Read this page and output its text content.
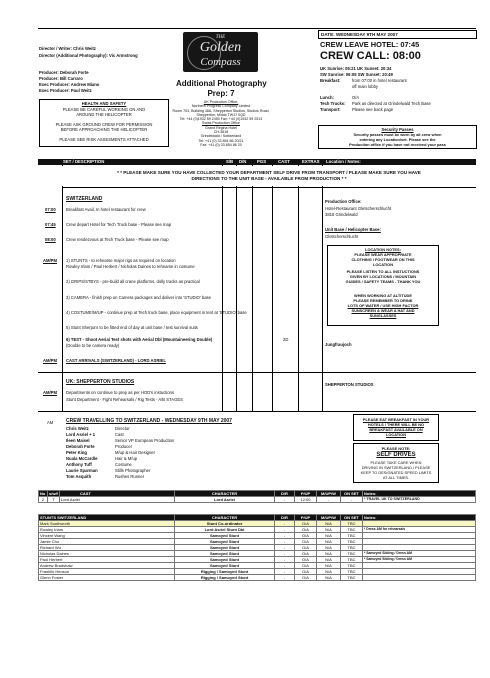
Director / Writer: Chris Weitz
Director (Additional Photography): Vic Armstrong
Producer: Deborah Forte
Producer: Bill Carraro
Exec Producer: Andrew Miano
Exec Producer: Paul Weitz
HEALTH AND SAFETY
PLEASE BE CAREFUL WORKING ON AND
AROUND THE HELICOPTER
PLEASE ASK GROUND CREW FOR PERMISSION
BEFORE APPROACHING THE HELICOPTER
PLEASE SEE RISK ASSESMENTS ATTACHED
THE
Golden
Compass
Additional Photography
Prep: 7
UK Production Office,
Northern Progress Company Limited
Room 703, Building 38A, Shepperton Studios, Studios Road,
Shepperton, Middx TW17 0QD
Tel: +44 (0)1932 59 2450 Fax: +44 (0)1932 59 2513
Swiss Production Office
Grand Regina Hotel
CH-3818
Grindelwald / Switzerland
Tel: +41 (0) 33 854 86 20/21
Fax: +41 (0) 33 854 86 20
DATE: WEDNESDAY 9TH MAY 2007
CREW LEAVE HOTEL: 07:45
CREW CALL: 08:00
UK Sunrise: 05:21 UK Sunset: 20:34
SW Sunrise: 06:05 SW Sunset: 20:49
Breakfast:	from 07:00 in hotel restaurant
off main lobby
Lunch:	O/A
Tech Trucks: Park as directed at Grindelwald Tech Base
Transport:	Please see back page
Security Passes
Security passes must be worn by all crew when
entering any Location/set. Please see the
Production office if you have not received your pass
SET / DESCRIPTION	S/B D/N PGS	CAST	EXTRAS Location / Notes:
* * PLEASE MAKE SURE YOU HAVE COLLECTED YOUR DEPARTMENT SELF DRIVE FROM TRANSPORT / PLEASE MAKE SURE YOU HAVE
DIRECTIONS TO THE UNIT BASE - AVAILABLE FROM PRODUCTION * *
SWITZERLAND
07:00 Breakfast Avail. In hotel restaurant for crew
07:45 Crew depart Hotel for Tech Truck base - Please see map
08:00 Crew rendezvous at Tech Truck base - Please see map
AM/PM 1) STUNTS - to rehearse major rigs as required on location
Rowley Irlam / Paul Herbert / Nicholas Daines to rehearse in costume
2) GRIPS/STBYS - pre-build all crane platforms, dolly tracks as practical
3) CAMERA - finish prep on Camera packages and deliver into 'STUDIO' base
4) COSTUME/M/UP - continue prep at Tech truck base, place equipment in tent at 'STUDIO' base
5) Stunt Sherpa's to be fitted end of day at unit base / test survival suits
6) TEST - Shoot Aerial Test shots with Aerial Dbl (Mountaineering Double)
(Double to be camera ready)
2D
AM/PM CAST ARRIVALS (SWITZERLAND) - LORD ASRIEL
Production Office:
Hotel-Restaurant Gletscherschlucht
3818 Grindelwald
Unit Base / Helicopter Base:
Gletscherschlucht
LOCATION NOTES:
PLEASE WEAR APPROPRIATE
CLOTHING / FOOTWEAR ON THIS
LOCATION
PLEASE LISTEN TO ALL INSTUCTIONS
GIVEN BY LOCATIONS / MOUNTAIN
GUIDES / SAFETY TEAMS - THANK YOU
WHEN WORKING AT ALTITUDE
PLEASE REMEMBER TO DRINK
LOTS OF WATER / USE HIGH FACTOR
SUNSCREEN & WEAR A HAT AND
SUNGLASSES
Jungfraujoch
UK: SHEPPERTON STUDIOS
AM/PM Departments on continue to prep as per HOD's instuctions
Stunt Department - Fight Rehearsals / Rig Tests - A/B STAGES
SHEPPERTON STUDIOS
AM	CREW TRAVELLING TO SWITZERLAND - WEDNESDAY 9TH MAY 2007
Chris Weitz	Director
Lord Asriel + 1	Cast
Ileen Maisel	Senior VP European Production
Deborah Forte	Producer
Peter King	M/up & Hair Designer
Nuala McCardle	Hair & M/up
Anthony Tuff	Costume
Laurie Sparman	Stills Photographer
Tom Asquith	Rushes Runner
PLEASE EAT BREAKFAST IN YOUR
HOTELS / THERE WILL BE NO
BREAKFAST AVAILABLE ON
LOCATION
PLEASE NOTE:
SELF DRIVES
PLEASE TAKE CARE WHEN
DRIVING IN SWITZERLAND / PLEASE
KEEP TO DESIGNATED SPEED LIMITS
AT ALL TIMES.
No	s/w/f	CAST	CHARACTER	D/R	P/UP	M/UP/W	ON SET	Notes:
2	T	Lord Asriel	Lord Asriel	-	12:00	-	-	* TRAVEL UK TO SWITZERLAND
STUNTS SWITZERLAND	CHARACTER	D/R	P/UP	M/UP/W	ON SET	Notes:
Mark Southworth	Stunt Co-ordinator	-	O/A	N/A	TBC	
Rowley Irlam	Lord Asriel Stunt Dbl	-	O/A	N/A	TBC	* Dress AM for rehearsals
Vincent Wang	Samoyed Stunt	-	O/A	N/A	TBC	
Jamie Cho	Samoyed Stunt	-	O/A	N/A	TBC	
Richard Wu	Samoyed Stunt	-	O/A	N/A	TBC	
Nicholas Daines	Samoyed Stunt	-	O/A	N/A	TBC	* Samoyed Sliding / Dress AM
Paul Herbert	Samoyed Stunt	-	O/A	N/A	TBC	* Samoyed Sliding / Dress AM
Andrew Bradshaw	Samoyed Stunt	-	O/A	N/A	TBC	
Franklin Henson	Rigging / Samoyed Stunt	-	O/A	N/A	TBC	
Glenn Foster	Rigging / Samoyed Stunt	-	O/A	N/A	TBC	
